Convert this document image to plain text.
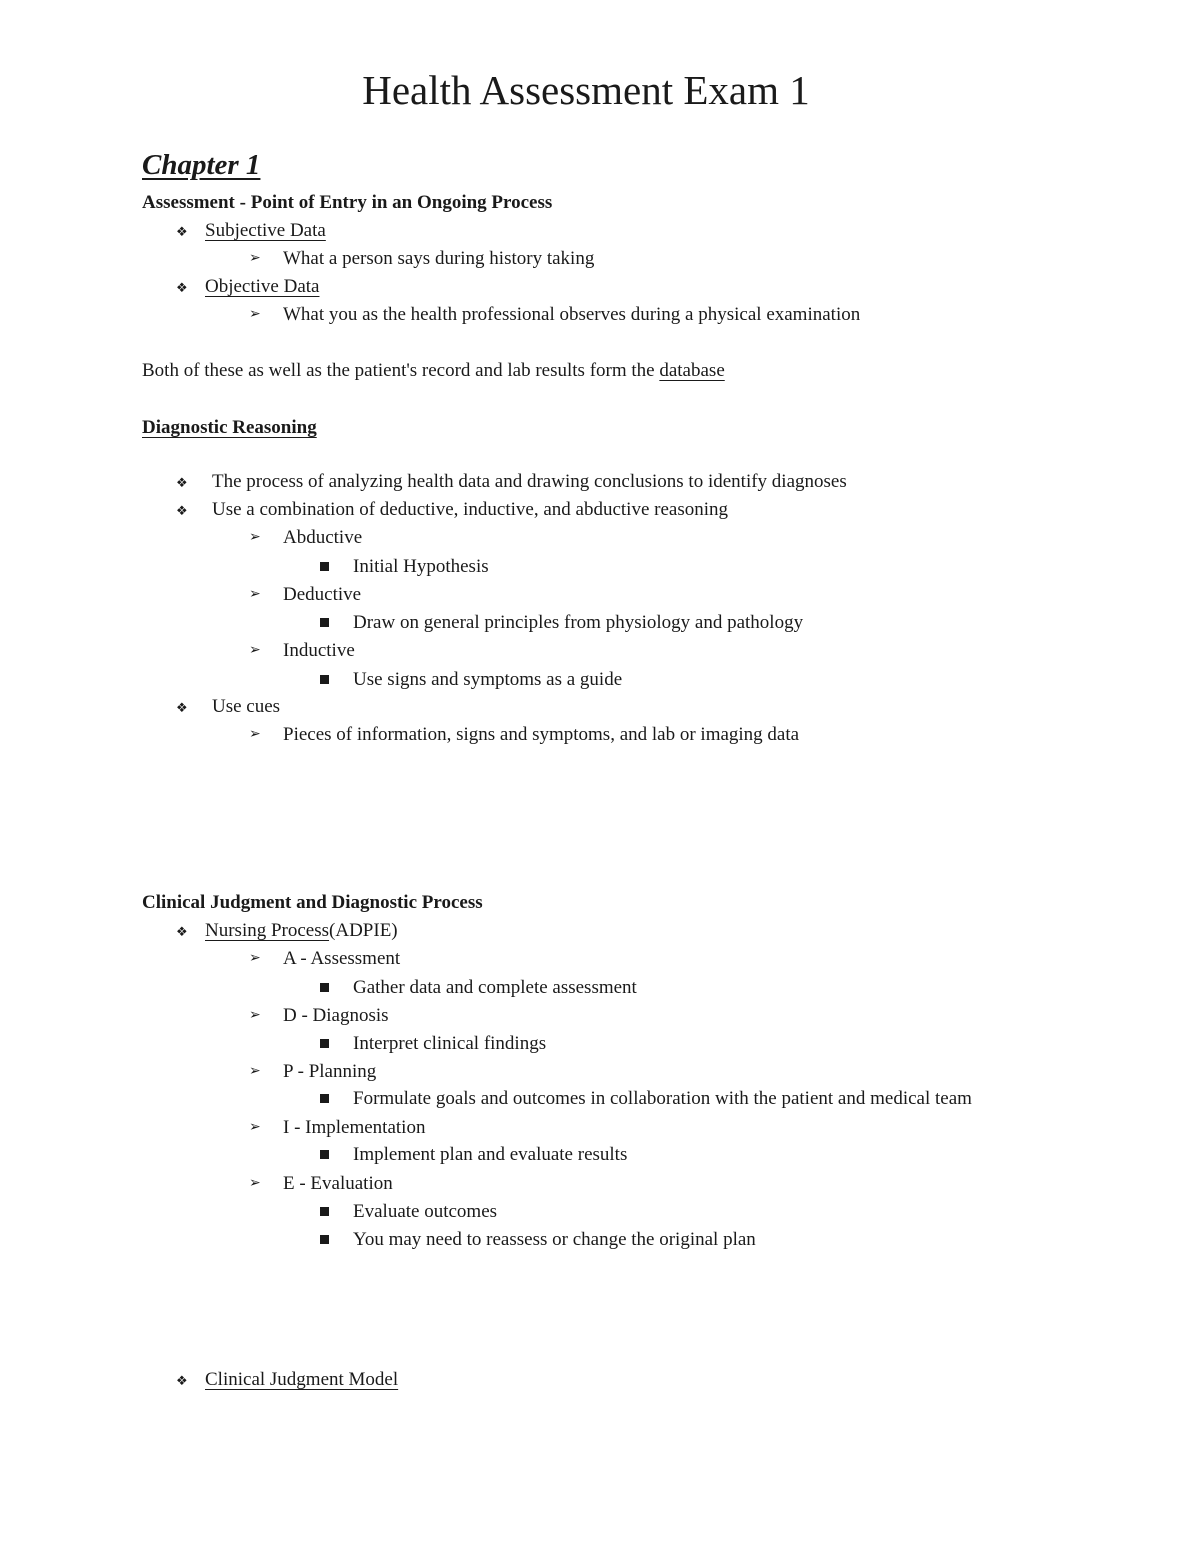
Health Assessment Exam 1
Chapter 1
Assessment - Point of Entry in an Ongoing Process
❖ Subjective Data
➢ What a person says during history taking
❖ Objective Data
➢ What you as the health professional observes during a physical examination
Both of these as well as the patient's record and lab results form the database
Diagnostic Reasoning
❖ The process of analyzing health data and drawing conclusions to identify diagnoses
❖ Use a combination of deductive, inductive, and abductive reasoning
➢ Abductive
Initial Hypothesis
➢ Deductive
Draw on general principles from physiology and pathology
➢ Inductive
Use signs and symptoms as a guide
❖ Use cues
➢ Pieces of information, signs and symptoms, and lab or imaging data
Clinical Judgment and Diagnostic Process
❖ Nursing Process(ADPIE)
➢ A - Assessment
Gather data and complete assessment
➢ D - Diagnosis
Interpret clinical findings
➢ P - Planning
Formulate goals and outcomes in collaboration with the patient and medical team
➢ I - Implementation
Implement plan and evaluate results
➢ E - Evaluation
Evaluate outcomes
You may need to reassess or change the original plan
❖ Clinical Judgment Model
